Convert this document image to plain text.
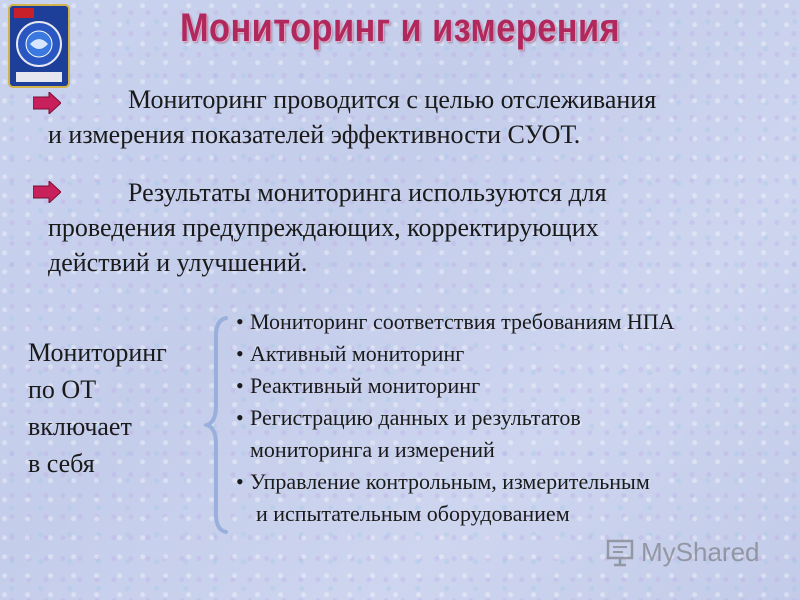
Мониторинг и измерения
Мониторинг проводится с целью отслеживания
и измерения показателей эффективности СУОТ.
Результаты мониторинга используются для
проведения предупреждающих, корректирующих
действий и улучшений.
Мониторинг
по ОТ
включает
в себя
• Мониторинг соответствия требованиям НПА
• Активный мониторинг
• Реактивный мониторинг
• Регистрацию данных и результатов
мониторинга и измерений
• Управление контрольным, измерительным
и испытательным оборудованием
MyShared
